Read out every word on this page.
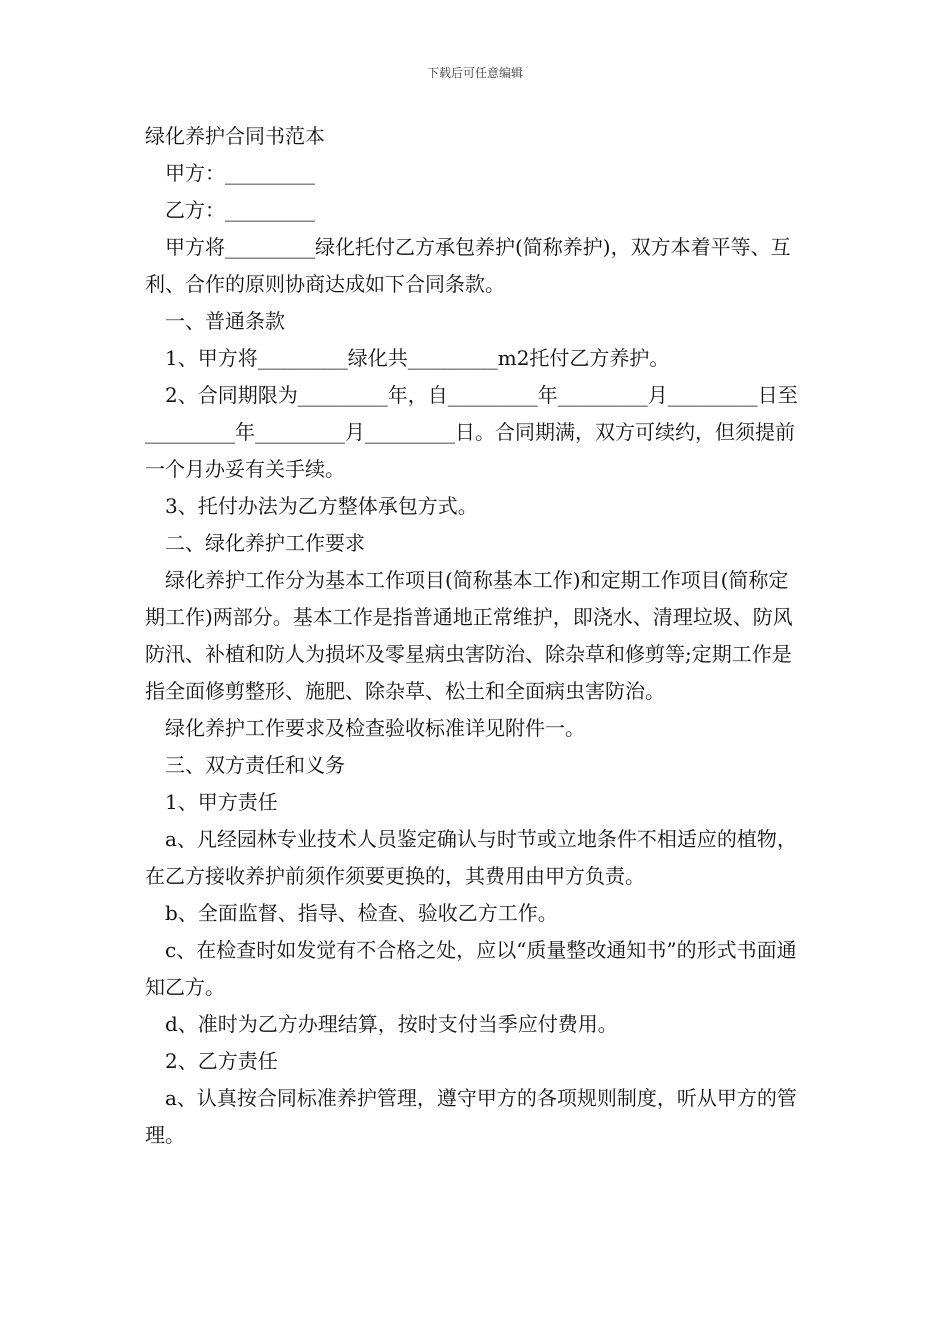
下载后可任意编辑

绿化养护合同书范本

甲方：_________

乙方：_________

甲方将_________绿化托付乙方承包养护(简称养护)，双方本着平等、互利、合作的原则协商达成如下合同条款。

一、普通条款

1、甲方将_________绿化共_________m2托付乙方养护。

2、合同期限为_________年，自_________年_________月_________日至_________年_________月_________日。合同期满，双方可续约，但须提前一个月办妥有关手续。

3、托付办法为乙方整体承包方式。

二、绿化养护工作要求

绿化养护工作分为基本工作项目(简称基本工作)和定期工作项目(简称定期工作)两部分。基本工作是指普通地正常维护，即浇水、清理垃圾、防风防汛、补植和防人为损坏及零星病虫害防治、除杂草和修剪等;定期工作是指全面修剪整形、施肥、除杂草、松土和全面病虫害防治。

绿化养护工作要求及检查验收标准详见附件一。

三、双方责任和义务

1、甲方责任

a、凡经园林专业技术人员鉴定确认与时节或立地条件不相适应的植物，在乙方接收养护前须作须要更换的，其费用由甲方负责。

b、全面监督、指导、检查、验收乙方工作。

c、在检查时如发觉有不合格之处，应以“质量整改通知书”的形式书面通知乙方。

d、准时为乙方办理结算，按时支付当季应付费用。

2、乙方责任

a、认真按合同标准养护管理，遵守甲方的各项规则制度，听从甲方的管理。
